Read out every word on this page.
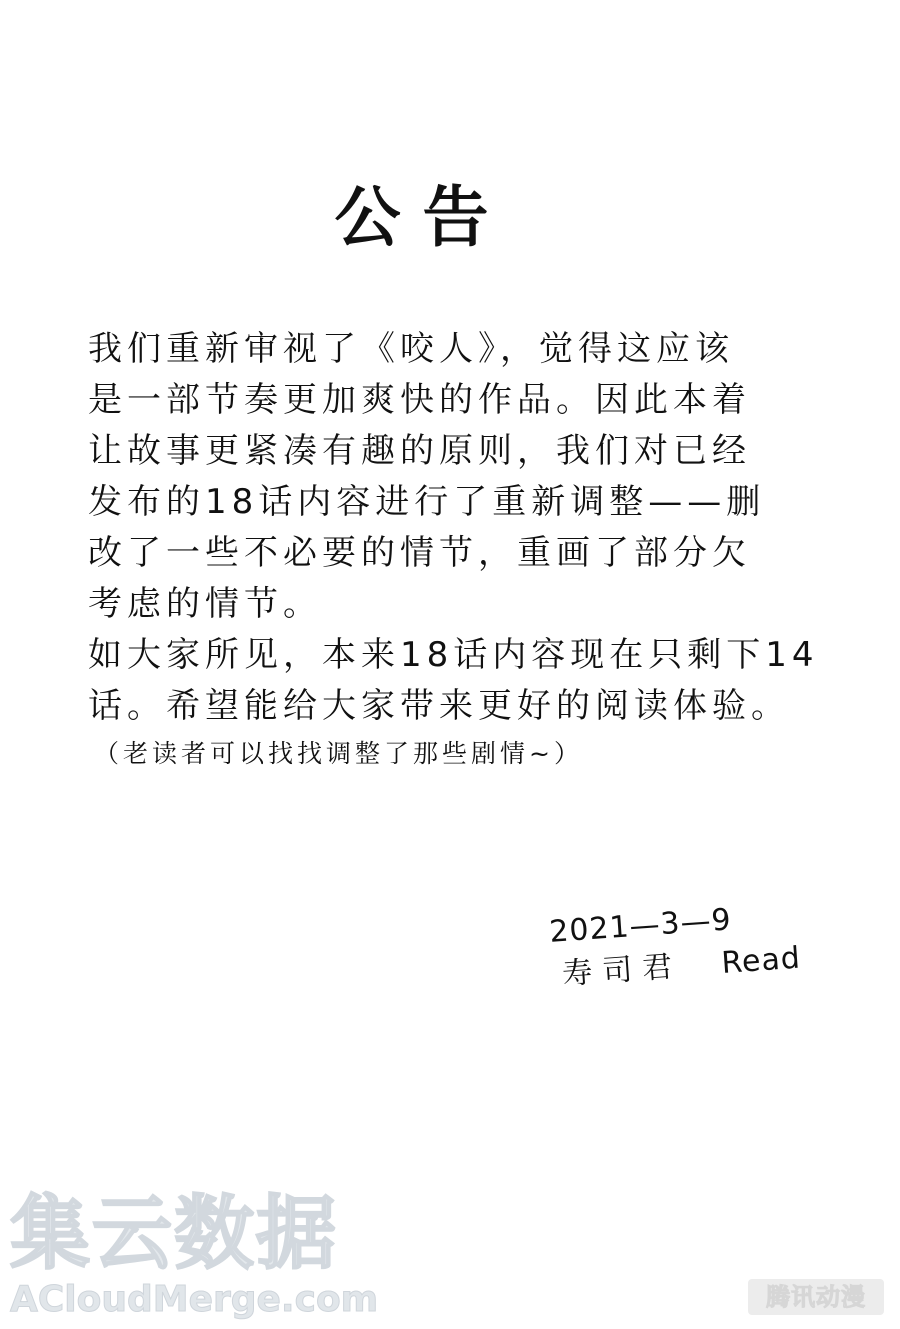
公告
我们重新审视了《咬人》，觉得这应该
是一部节奏更加爽快的作品。因此本着
让故事更紧凑有趣的原则，我们对已经
发布的18话内容进行了重新调整——删
改了一些不必要的情节，重画了部分欠
考虑的情节。
如大家所见，本来18话内容现在只剩下14
话。希望能给大家带来更好的阅读体验。
（老读者可以找找调整了那些剧情~）
2021—3—9
寿司君 Read
集云数据
ACloudMerge.com	腾讯动漫
